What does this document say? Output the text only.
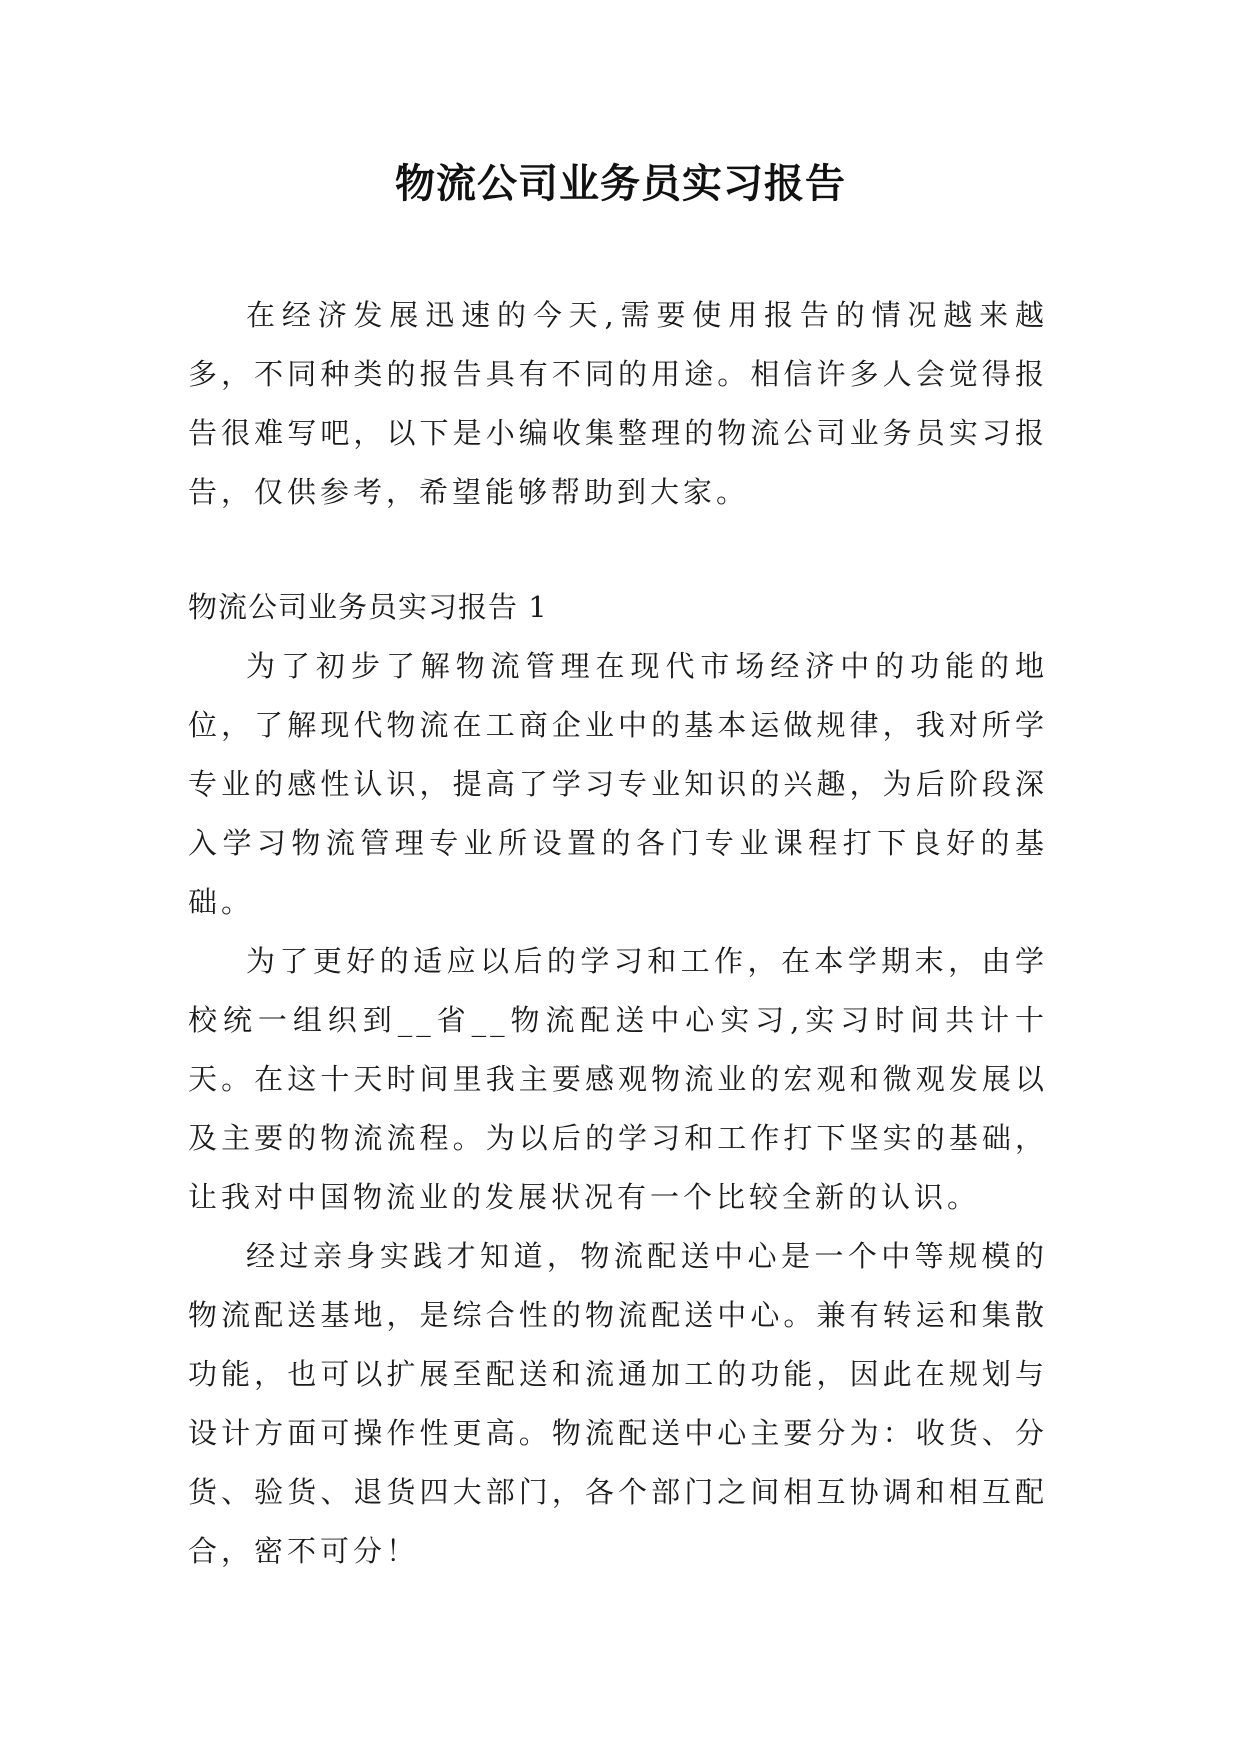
物流公司业务员实习报告

在经济发展迅速的今天,需要使用报告的情况越来越多，不同种类的报告具有不同的用途。相信许多人会觉得报告很难写吧，以下是小编收集整理的物流公司业务员实习报告，仅供参考，希望能够帮助到大家。

物流公司业务员实习报告 1

为了初步了解物流管理在现代市场经济中的功能的地位，了解现代物流在工商企业中的基本运做规律，我对所学专业的感性认识，提高了学习专业知识的兴趣，为后阶段深入学习物流管理专业所设置的各门专业课程打下良好的基础。

为了更好的适应以后的学习和工作，在本学期末，由学校统一组织到__省__物流配送中心实习,实习时间共计十天。在这十天时间里我主要感观物流业的宏观和微观发展以及主要的物流流程。为以后的学习和工作打下坚实的基础，让我对中国物流业的发展状况有一个比较全新的认识。

经过亲身实践才知道，物流配送中心是一个中等规模的物流配送基地，是综合性的物流配送中心。兼有转运和集散功能，也可以扩展至配送和流通加工的功能，因此在规划与设计方面可操作性更高。物流配送中心主要分为：收货、分货、验货、退货四大部门，各个部门之间相互协调和相互配合，密不可分！
